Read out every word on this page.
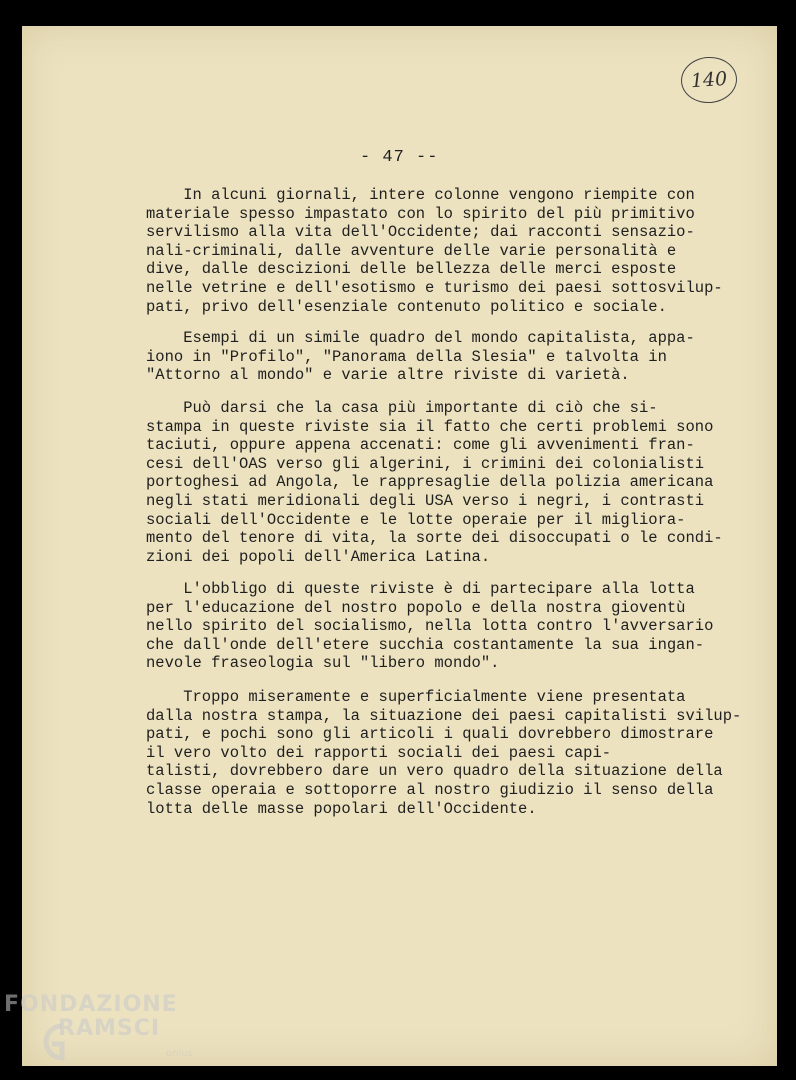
140
- 47 --
In alcuni giornali, intere colonne vengono riempite con
materiale spesso impastato con lo spirito del più primitivo
servilismo alla vita dell'Occidente; dai racconti sensazio-
nali-criminali, dalle avventure delle varie personalità e
dive, dalle descizioni delle bellezza delle merci esposte
nelle vetrine e dell'esotismo e turismo dei paesi sottosvilup-
pati, privo dell'esenziale contenuto politico e sociale.
Esempi di un simile quadro del mondo capitalista, appa-
iono in "Profilo", "Panorama della Slesia" e talvolta in
"Attorno al mondo" e varie altre riviste di varietà.
Può darsi che la casa più importante di ciò che si-
stampa in queste riviste sia il fatto che certi problemi sono
taciuti, oppure appena accenati: come gli avvenimenti fran-
cesi dell'OAS verso gli algerini, i crimini dei colonialisti
portoghesi ad Angola, le rappresaglie della polizia americana
negli stati meridionali degli USA verso i negri, i contrasti
sociali dell'Occidente e le lotte operaie per il migliora-
mento del tenore di vita, la sorte dei disoccupati o le condi-
zioni dei popoli dell'America Latina.
L'obbligo di queste riviste è di partecipare alla lotta
per l'educazione del nostro popolo e della nostra gioventù
nello spirito del socialismo, nella lotta contro l'avversario
che dall'onde dell'etere succhia costantamente la sua ingan-
nevole fraseologia sul "libero mondo".
Troppo miseramente e superficialmente viene presentata
dalla nostra stampa, la situazione dei paesi capitalisti svilup-
pati, e pochi sono gli articoli i quali dovrebbero dimostrare
il vero volto dei rapporti sociali dei paesi capi-
talisti, dovrebbero dare un vero quadro della situazione della
classe operaia e sottoporre al nostro giudizio il senso della
lotta delle masse popolari dell'Occidente.
FONDAZIONE
RAMSCI
onlus
